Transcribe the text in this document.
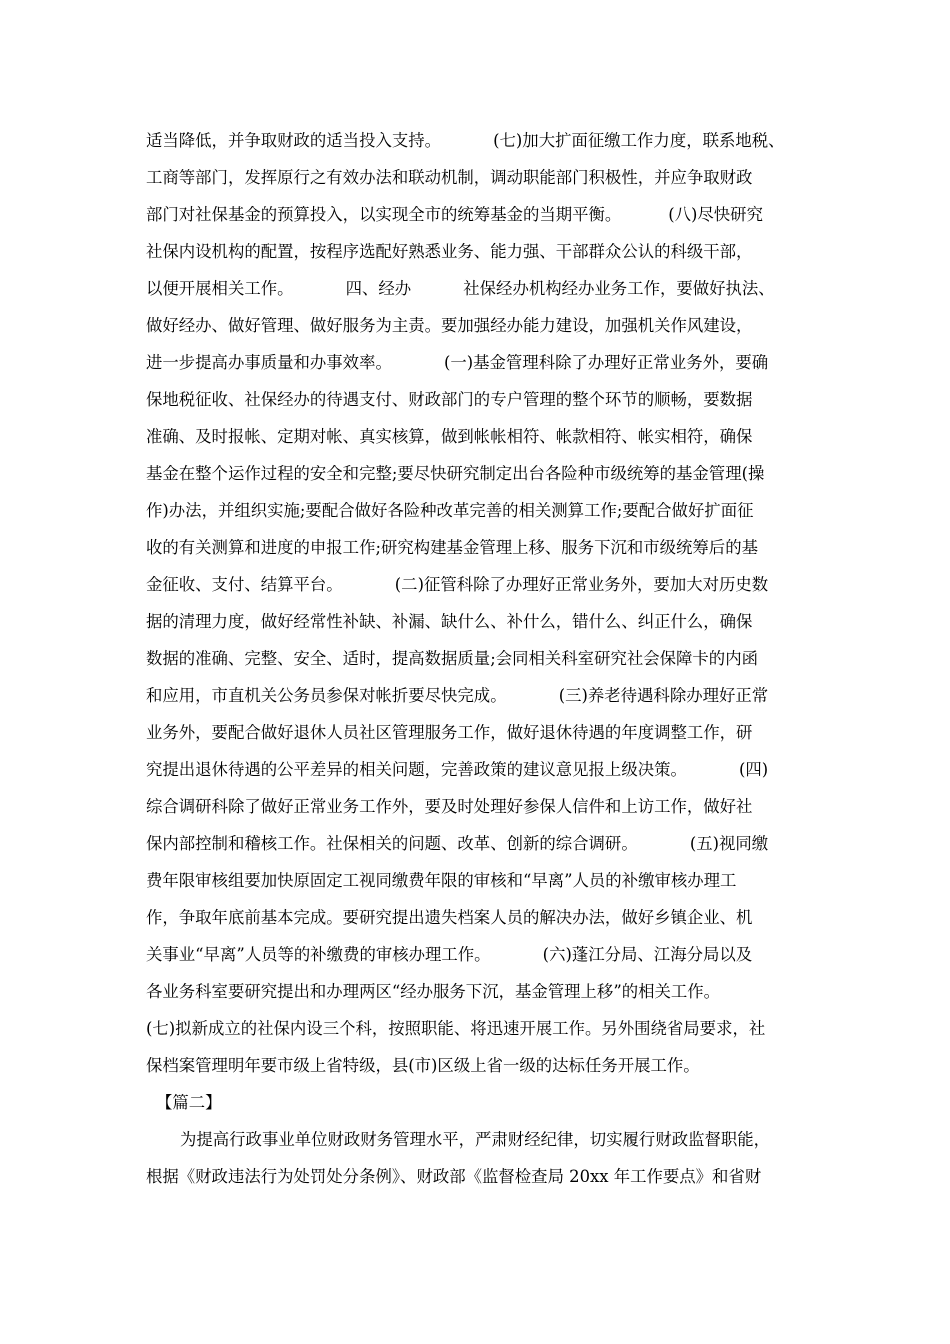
适当降低，并争取财政的适当投入支持。          (七)加大扩面征缴工作力度，联系地税、
工商等部门，发挥原行之有效办法和联动机制，调动职能部门积极性，并应争取财政
部门对社保基金的预算投入，以实现全市的统筹基金的当期平衡。         (八)尽快研究
社保内设机构的配置，按程序选配好熟悉业务、能力强、干部群众公认的科级干部，
以便开展相关工作。          四、经办          社保经办机构经办业务工作，要做好执法、
做好经办、做好管理、做好服务为主责。要加强经办能力建设，加强机关作风建设，
进一步提高办事质量和办事效率。          (一)基金管理科除了办理好正常业务外，要确
保地税征收、社保经办的待遇支付、财政部门的专户管理的整个环节的顺畅，要数据
准确、及时报帐、定期对帐、真实核算，做到帐帐相符、帐款相符、帐实相符，确保
基金在整个运作过程的安全和完整;要尽快研究制定出台各险种市级统筹的基金管理(操
作)办法，并组织实施;要配合做好各险种改革完善的相关测算工作;要配合做好扩面征
收的有关测算和进度的申报工作;研究构建基金管理上移、服务下沉和市级统筹后的基
金征收、支付、结算平台。          (二)征管科除了办理好正常业务外，要加大对历史数
据的清理力度，做好经常性补缺、补漏、缺什么、补什么，错什么、纠正什么，确保
数据的准确、完整、安全、适时，提高数据质量;会同相关科室研究社会保障卡的内函
和应用，市直机关公务员参保对帐折要尽快完成。          (三)养老待遇科除办理好正常
业务外，要配合做好退休人员社区管理服务工作，做好退休待遇的年度调整工作，研
究提出退休待遇的公平差异的相关问题，完善政策的建议意见报上级决策。          (四)
综合调研科除了做好正常业务工作外，要及时处理好参保人信件和上访工作，做好社
保内部控制和稽核工作。社保相关的问题、改革、创新的综合调研。          (五)视同缴
费年限审核组要加快原固定工视同缴费年限的审核和“早离”人员的补缴审核办理工
作，争取年底前基本完成。要研究提出遗失档案人员的解决办法，做好乡镇企业、机
关事业“早离”人员等的补缴费的审核办理工作。          (六)蓬江分局、江海分局以及
各业务科室要研究提出和办理两区“经办服务下沉，基金管理上移”的相关工作。
(七)拟新成立的社保内设三个科，按照职能、将迅速开展工作。另外围绕省局要求，社
保档案管理明年要市级上省特级，县(市)区级上省一级的达标任务开展工作。
【篇二】
为提高行政事业单位财政财务管理水平，严肃财经纪律，切实履行财政监督职能，
根据《财政违法行为处罚处分条例》、财政部《监督检查局 20xx 年工作要点》和省财
